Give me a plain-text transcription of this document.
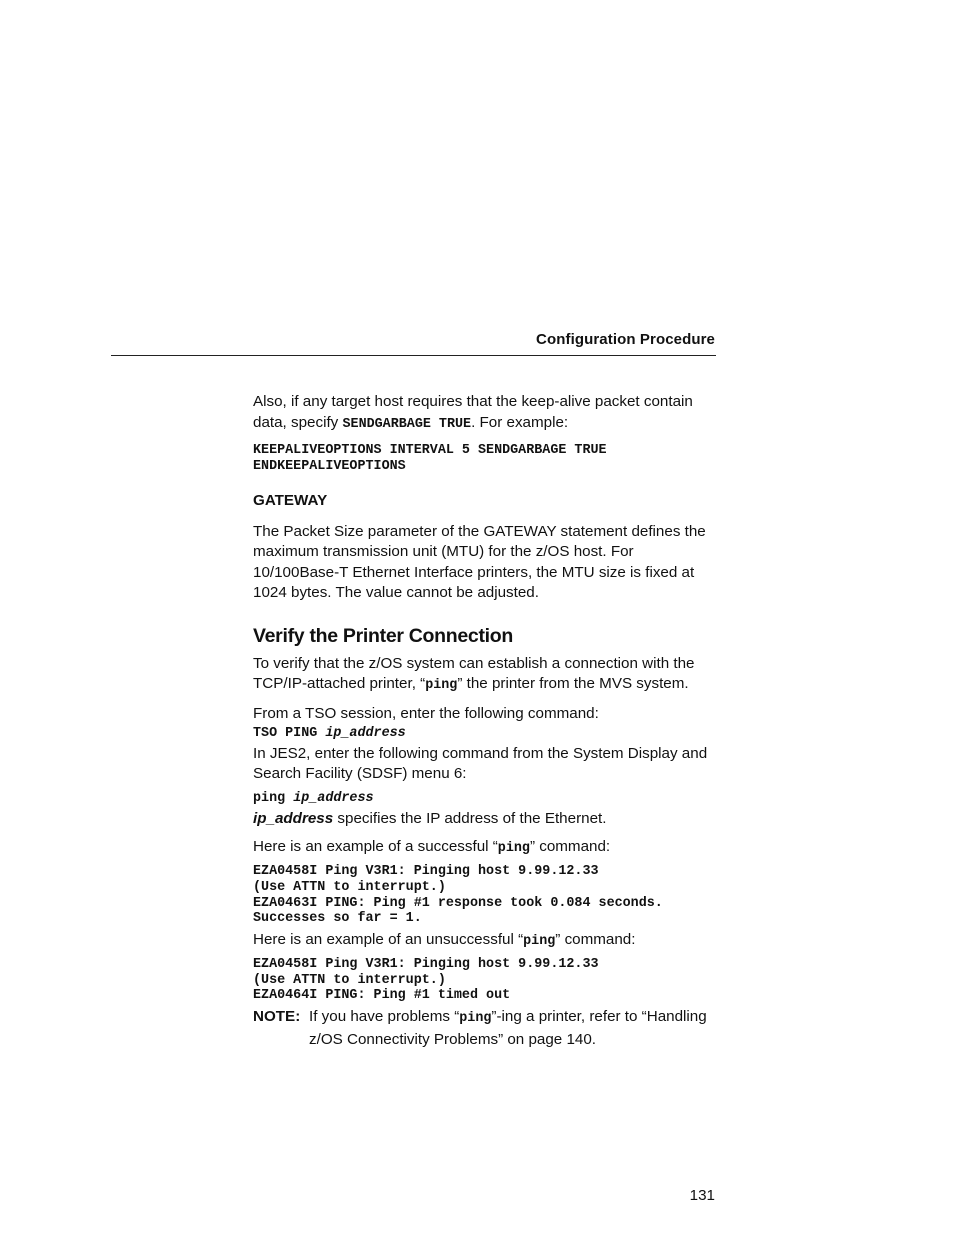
Configuration Procedure

Also, if any target host requires that the keep-alive packet contain data, specify SENDGARBAGE TRUE. For example:

KEEPALIVEOPTIONS INTERVAL 5 SENDGARBAGE TRUE
ENDKEEPALIVEOPTIONS

GATEWAY

The Packet Size parameter of the GATEWAY statement defines the maximum transmission unit (MTU) for the z/OS host. For 10/100Base-T Ethernet Interface printers, the MTU size is fixed at 1024 bytes. The value cannot be adjusted.

Verify the Printer Connection

To verify that the z/OS system can establish a connection with the TCP/IP-attached printer, “ping” the printer from the MVS system.

From a TSO session, enter the following command:

TSO PING ip_address

In JES2, enter the following command from the System Display and Search Facility (SDSF) menu 6:

ping ip_address

ip_address specifies the IP address of the Ethernet.

Here is an example of a successful “ping” command:

EZA0458I Ping V3R1: Pinging host 9.99.12.33
(Use ATTN to interrupt.)
EZA0463I PING: Ping #1 response took 0.084 seconds.
Successes so far = 1.

Here is an example of an unsuccessful “ping” command:

EZA0458I Ping V3R1: Pinging host 9.99.12.33
(Use ATTN to interrupt.)
EZA0464I PING: Ping #1 timed out
NOTE: If you have problems “ping”-ing a printer, refer to “Handling z/OS Connectivity Problems” on page 140.
131
